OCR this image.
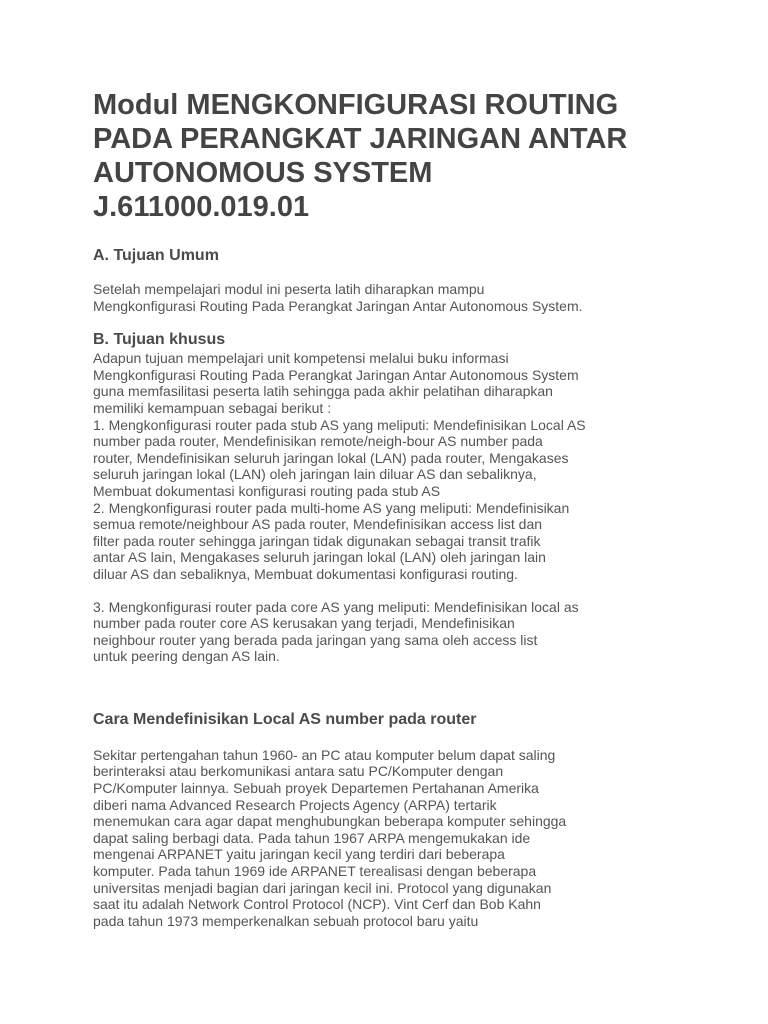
Modul MENGKONFIGURASI ROUTING
PADA PERANGKAT JARINGAN ANTAR
AUTONOMOUS SYSTEM
J.611000.019.01
A. Tujuan Umum

Setelah mempelajari modul ini peserta latih diharapkan mampu
Mengkonfigurasi Routing Pada Perangkat Jaringan Antar Autonomous System.

B. Tujuan khusus

Adapun tujuan mempelajari unit kompetensi melalui buku informasi
Mengkonfigurasi Routing Pada Perangkat Jaringan Antar Autonomous System
guna memfasilitasi peserta latih sehingga pada akhir pelatihan diharapkan
memiliki kemampuan sebagai berikut :
1. Mengkonfigurasi router pada stub AS yang meliputi: Mendefinisikan Local AS
number pada router, Mendefinisikan remote/neigh-bour AS number pada
router, Mendefinisikan seluruh jaringan lokal (LAN) pada router, Mengakases
seluruh jaringan lokal (LAN) oleh jaringan lain diluar AS dan sebaliknya,
Membuat dokumentasi konfigurasi routing pada stub AS
2. Mengkonfigurasi router pada multi-home AS yang meliputi: Mendefinisikan
semua remote/neighbour AS pada router, Mendefinisikan access list dan
filter pada router sehingga jaringan tidak digunakan sebagai transit trafik
antar AS lain, Mengakases seluruh jaringan lokal (LAN) oleh jaringan lain
diluar AS dan sebaliknya, Membuat dokumentasi konfigurasi routing.

3. Mengkonfigurasi router pada core AS yang meliputi: Mendefinisikan local as
number pada router core AS kerusakan yang terjadi, Mendefinisikan
neighbour router yang berada pada jaringan yang sama oleh access list
untuk peering dengan AS lain.

Cara Mendefinisikan Local AS number pada router

Sekitar pertengahan tahun 1960- an PC atau komputer belum dapat saling
berinteraksi atau berkomunikasi antara satu PC/Komputer dengan
PC/Komputer lainnya. Sebuah proyek Departemen Pertahanan Amerika
diberi nama Advanced Research Projects Agency (ARPA) tertarik
menemukan cara agar dapat menghubungkan beberapa komputer sehingga
dapat saling berbagi data. Pada tahun 1967 ARPA mengemukakan ide
mengenai ARPANET yaitu jaringan kecil yang terdiri dari beberapa
komputer. Pada tahun 1969 ide ARPANET terealisasi dengan beberapa
universitas menjadi bagian dari jaringan kecil ini. Protocol yang digunakan
saat itu adalah Network Control Protocol (NCP). Vint Cerf dan Bob Kahn
pada tahun 1973 memperkenalkan sebuah protocol baru yaitu
